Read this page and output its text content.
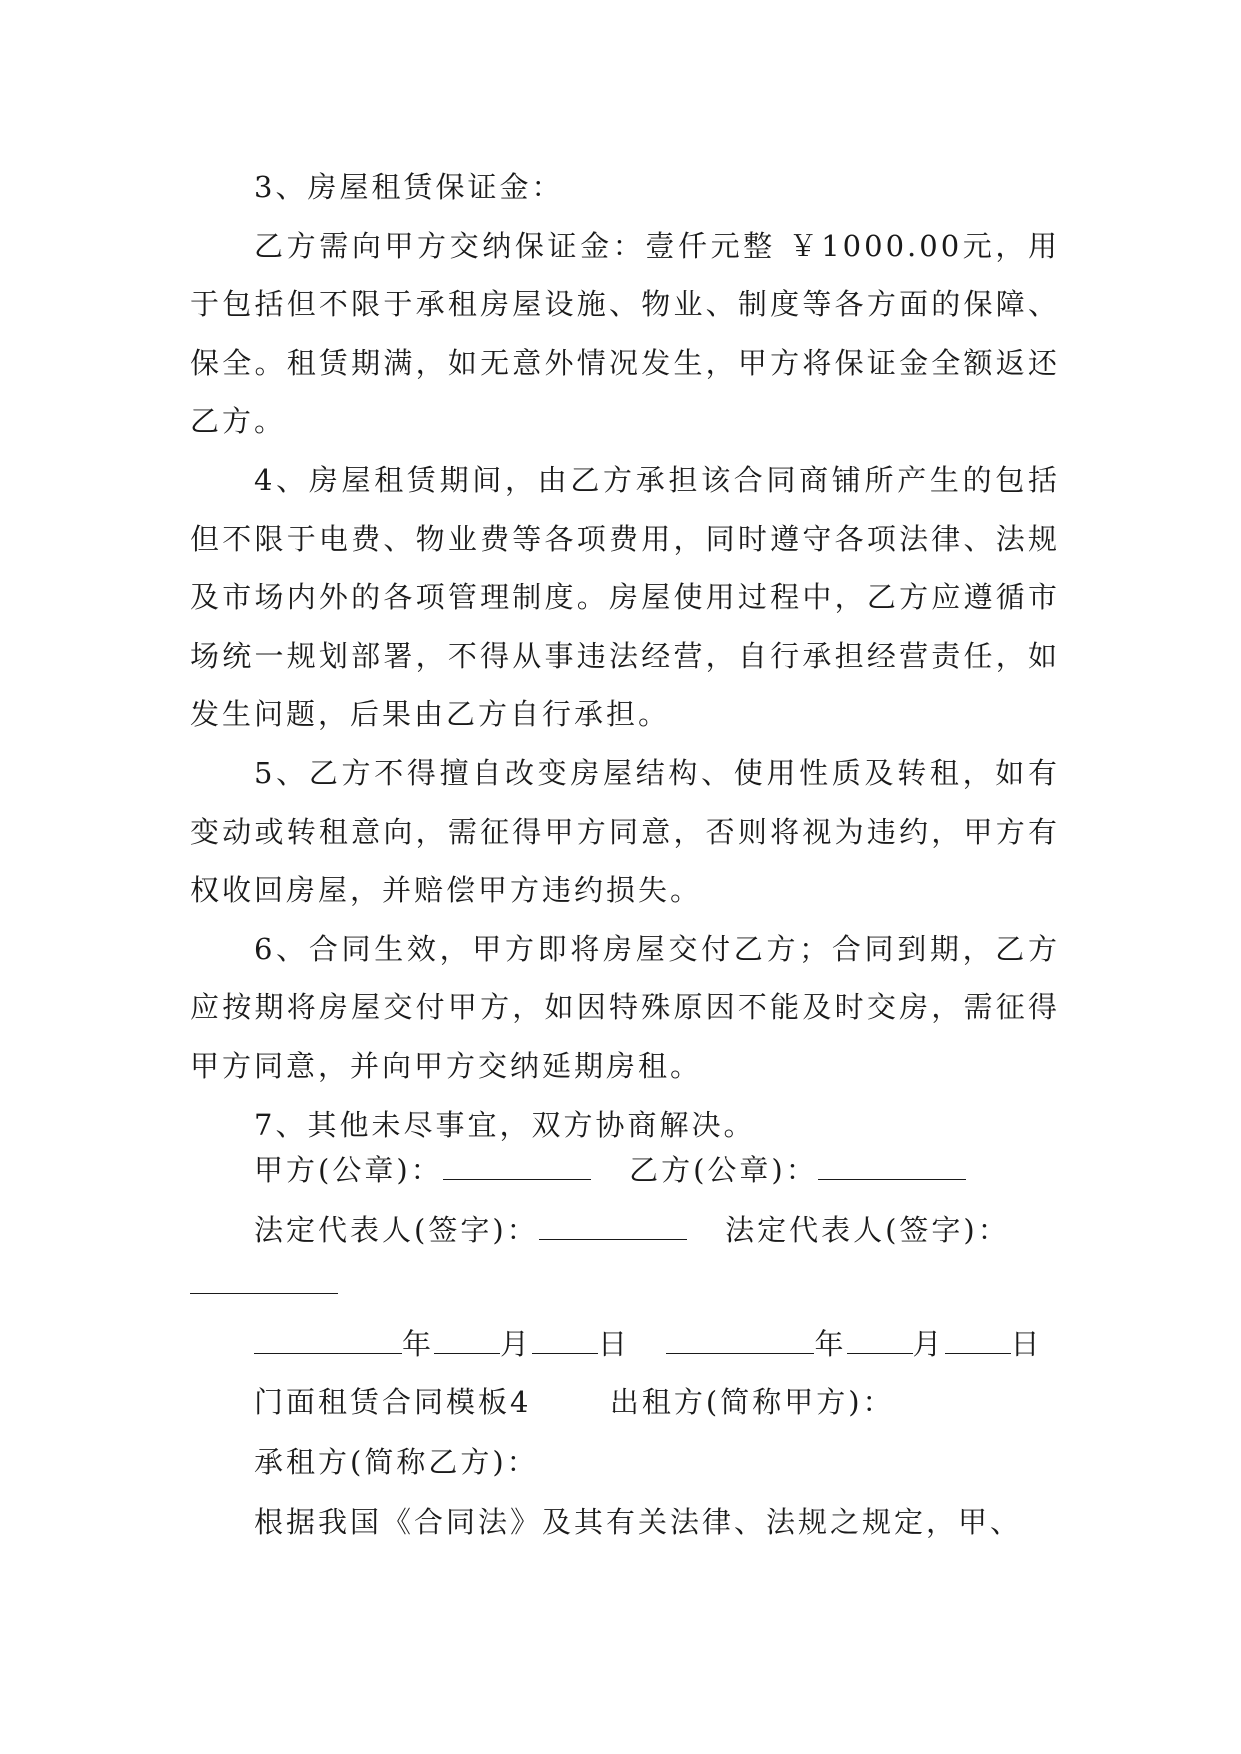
3、房屋租赁保证金：

乙方需向甲方交纳保证金：壹仟元整 ￥1000.00元，用于包括但不限于承租房屋设施、物业、制度等各方面的保障、保全。租赁期满，如无意外情况发生，甲方将保证金全额返还乙方。

4、房屋租赁期间，由乙方承担该合同商铺所产生的包括但不限于电费、物业费等各项费用，同时遵守各项法律、法规及市场内外的各项管理制度。房屋使用过程中，乙方应遵循市场统一规划部署，不得从事违法经营，自行承担经营责任，如发生问题，后果由乙方自行承担。

5、乙方不得擅自改变房屋结构、使用性质及转租，如有变动或转租意向，需征得甲方同意，否则将视为违约，甲方有权收回房屋，并赔偿甲方违约损失。

6、合同生效，甲方即将房屋交付乙方；合同到期，乙方应按期将房屋交付甲方，如因特殊原因不能及时交房，需征得甲方同意，并向甲方交纳延期房租。

7、其他未尽事宜，双方协商解决。

甲方(公章)：	乙方(公章)：
法定代表人(签字)：	法定代表人(签字)：
年 月 日	年 月 日
门面租赁合同模板4	出租方(简称甲方)：
承租方(简称乙方)：
根据我国《合同法》及其有关法律、法规之规定，甲、
